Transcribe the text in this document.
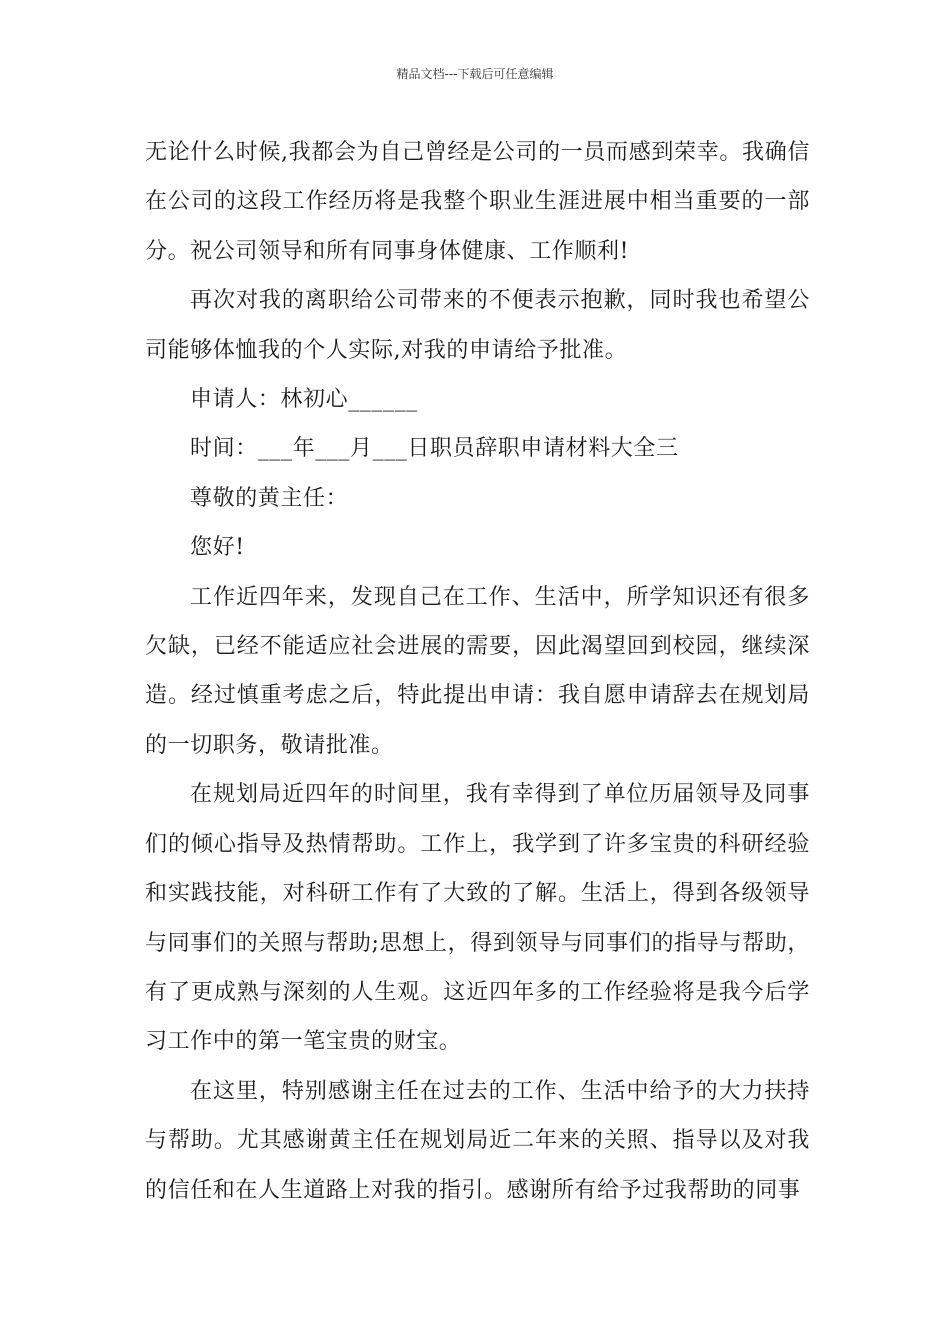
精品文档---下载后可任意编辑

无论什么时候,我都会为自己曾经是公司的一员而感到荣幸。我确信在公司的这段工作经历将是我整个职业生涯进展中相当重要的一部分。祝公司领导和所有同事身体健康、工作顺利!

再次对我的离职给公司带来的不便表示抱歉，同时我也希望公司能够体恤我的个人实际,对我的申请给予批准。

申请人：林初心______

时间：___年___月___日职员辞职申请材料大全三

尊敬的黄主任：

您好!

工作近四年来，发现自己在工作、生活中，所学知识还有很多欠缺，已经不能适应社会进展的需要，因此渴望回到校园，继续深造。经过慎重考虑之后，特此提出申请：我自愿申请辞去在规划局的一切职务，敬请批准。

在规划局近四年的时间里，我有幸得到了单位历届领导及同事们的倾心指导及热情帮助。工作上，我学到了许多宝贵的科研经验和实践技能，对科研工作有了大致的了解。生活上，得到各级领导与同事们的关照与帮助;思想上，得到领导与同事们的指导与帮助，有了更成熟与深刻的人生观。这近四年多的工作经验将是我今后学习工作中的第一笔宝贵的财宝。

在这里，特别感谢主任在过去的工作、生活中给予的大力扶持与帮助。尤其感谢黄主任在规划局近二年来的关照、指导以及对我的信任和在人生道路上对我的指引。感谢所有给予过我帮助的同事
